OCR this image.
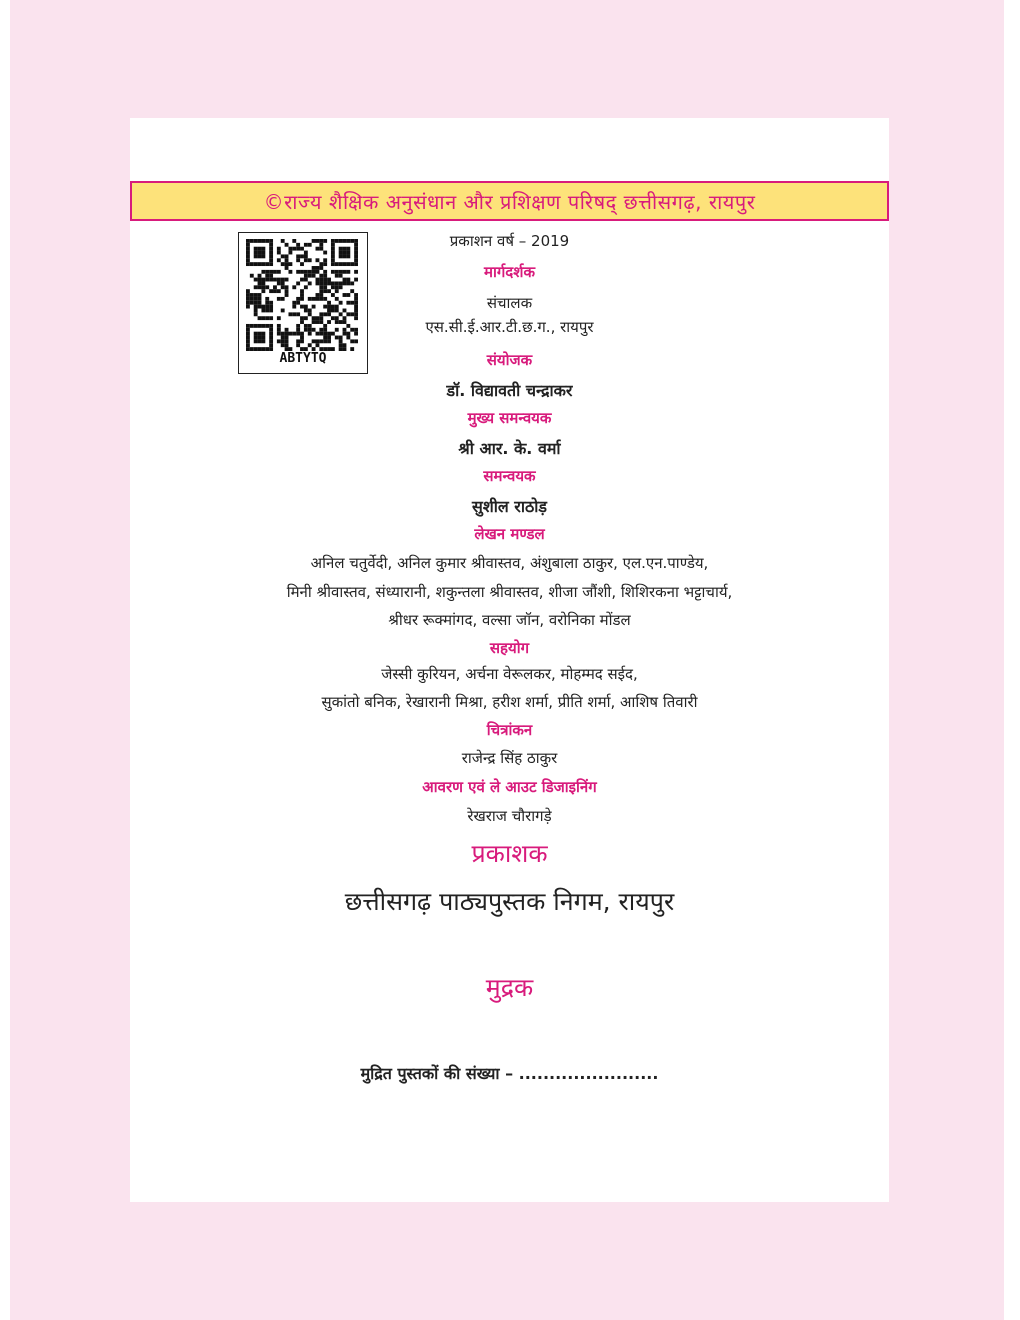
©राज्य शैक्षिक अनुसंधान और प्रशिक्षण परिषद् छत्तीसगढ़, रायपुर
ABTYTQ
प्रकाशन वर्ष – 2019
मार्गदर्शक
संचालक
एस.सी.ई.आर.टी.छ.ग., रायपुर
संयोजक
डॉ. विद्यावती चन्द्राकर
मुख्य समन्वयक
श्री आर. के. वर्मा
समन्वयक
सुशील राठोड़
लेखन मण्डल
अनिल चतुर्वेदी, अनिल कुमार श्रीवास्तव, अंशुबाला ठाकुर, एल.एन.पाण्डेय,
मिनी श्रीवास्तव, संध्यारानी, शकुन्तला श्रीवास्तव, शीजा जौंशी, शिशिरकना भट्टाचार्य,
श्रीधर रूक्मांगद, वल्सा जॉन, वरोनिका मोंडल
सहयोग
जेस्सी कुरियन, अर्चना वेरूलकर, मोहम्मद सईद,
सुकांतो बनिक, रेखारानी मिश्रा, हरीश शर्मा, प्रीति शर्मा, आशिष तिवारी
चित्रांकन
राजेन्द्र सिंह ठाकुर
आवरण एवं ले आउट डिजाइनिंग
रेखराज चौरागड़े
प्रकाशक
छत्तीसगढ़ पाठ्यपुस्तक निगम, रायपुर
मुद्रक
मुद्रित पुस्तकों की संख्या – .......................
